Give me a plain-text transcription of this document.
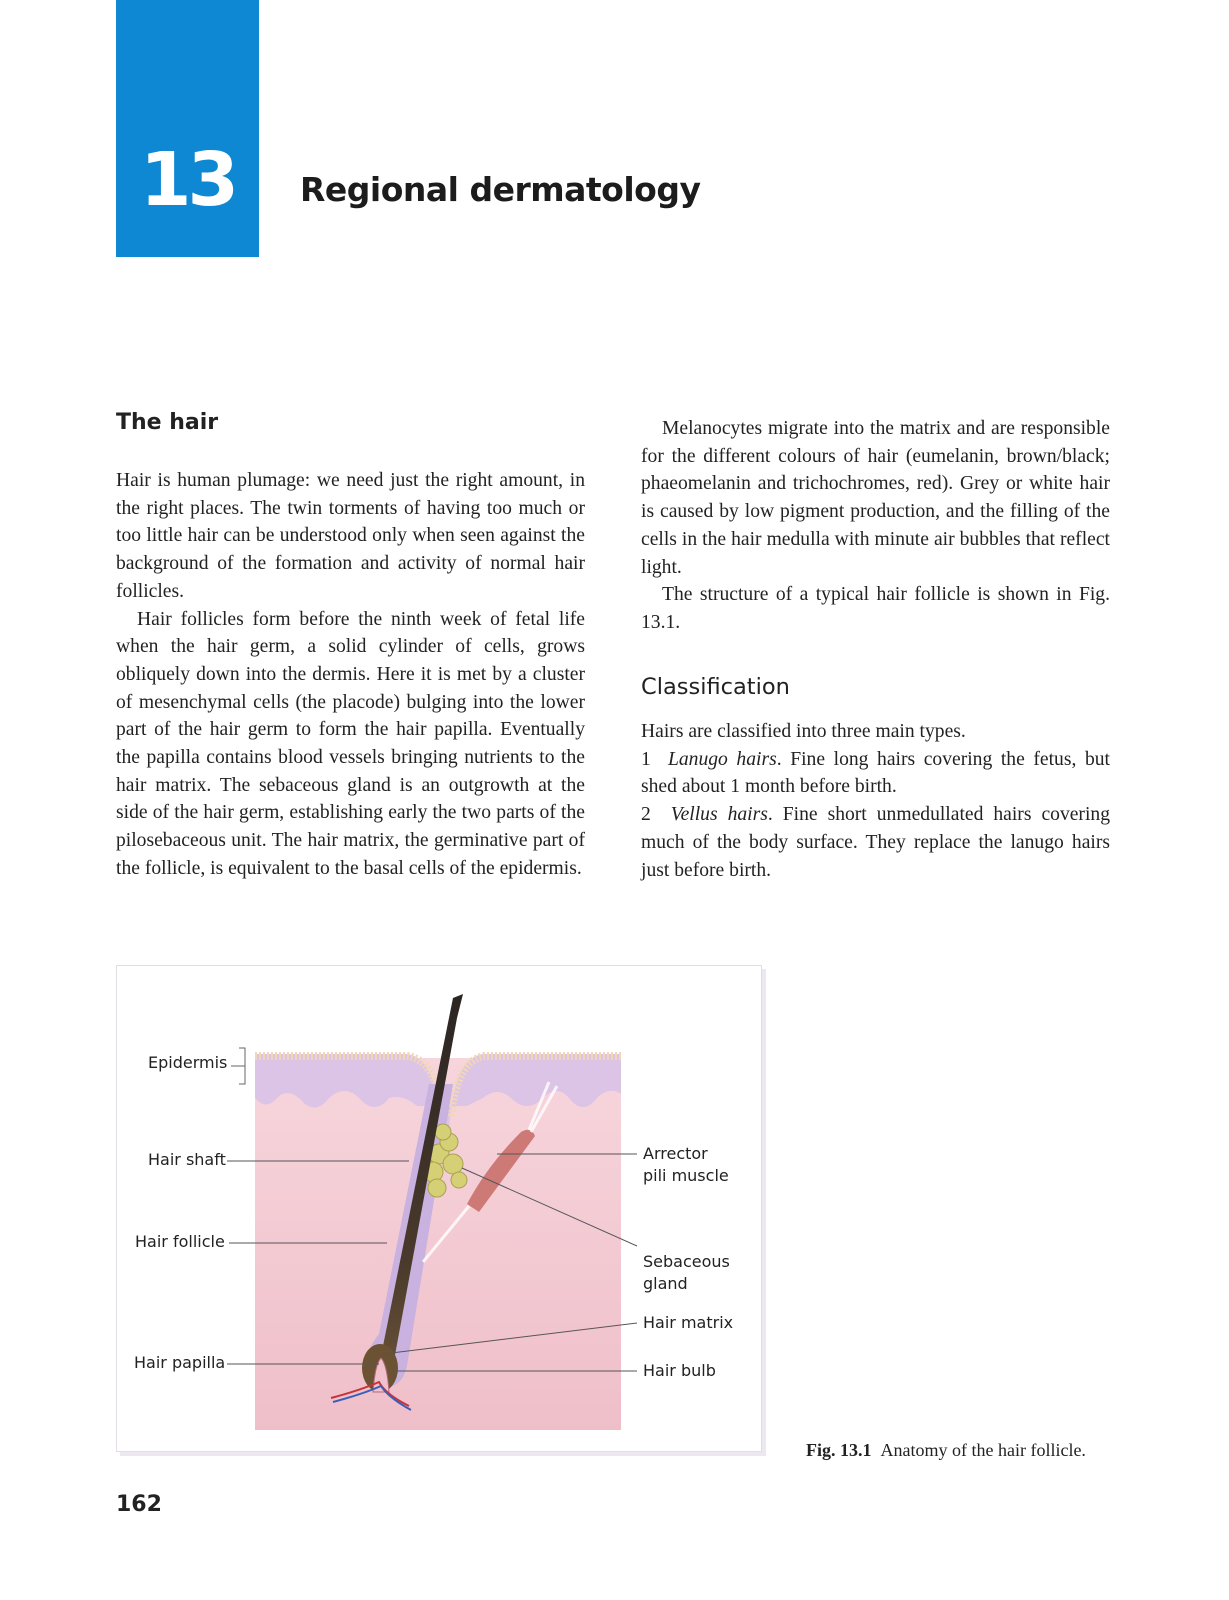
13	Regional dermatology
The hair

Hair is human plumage: we need just the right amount, in the right places. The twin torments of having too much or too little hair can be understood only when seen against the background of the formation and activity of normal hair follicles.

Hair follicles form before the ninth week of fetal life when the hair germ, a solid cylinder of cells, grows obliquely down into the dermis. Here it is met by a cluster of mesenchymal cells (the placode) bulging into the lower part of the hair germ to form the hair papilla. Eventually the papilla contains blood vessels bringing nutrients to the hair matrix. The sebaceous gland is an outgrowth at the side of the hair germ, establishing early the two parts of the pilosebaceous unit. The hair matrix, the germinative part of the follicle, is equivalent to the basal cells of the epidermis.

Melanocytes migrate into the matrix and are responsible for the different colours of hair (eumelanin, brown/black; phaeomelanin and trichochromes, red). Grey or white hair is caused by low pigment production, and the filling of the cells in the hair medulla with minute air bubbles that reflect light.

The structure of a typical hair follicle is shown in Fig. 13.1.

Classification

Hairs are classified into three main types.

1 Lanugo hairs. Fine long hairs covering the fetus, but shed about 1 month before birth.

2 Vellus hairs. Fine short unmedullated hairs covering much of the body surface. They replace the lanugo hairs just before birth.

Epidermis
Hair shaft
Hair follicle
Hair papilla
Arrector
pili muscle
Sebaceous
gland
Hair matrix
Hair bulb
Fig. 13.1 Anatomy of the hair follicle.
162
